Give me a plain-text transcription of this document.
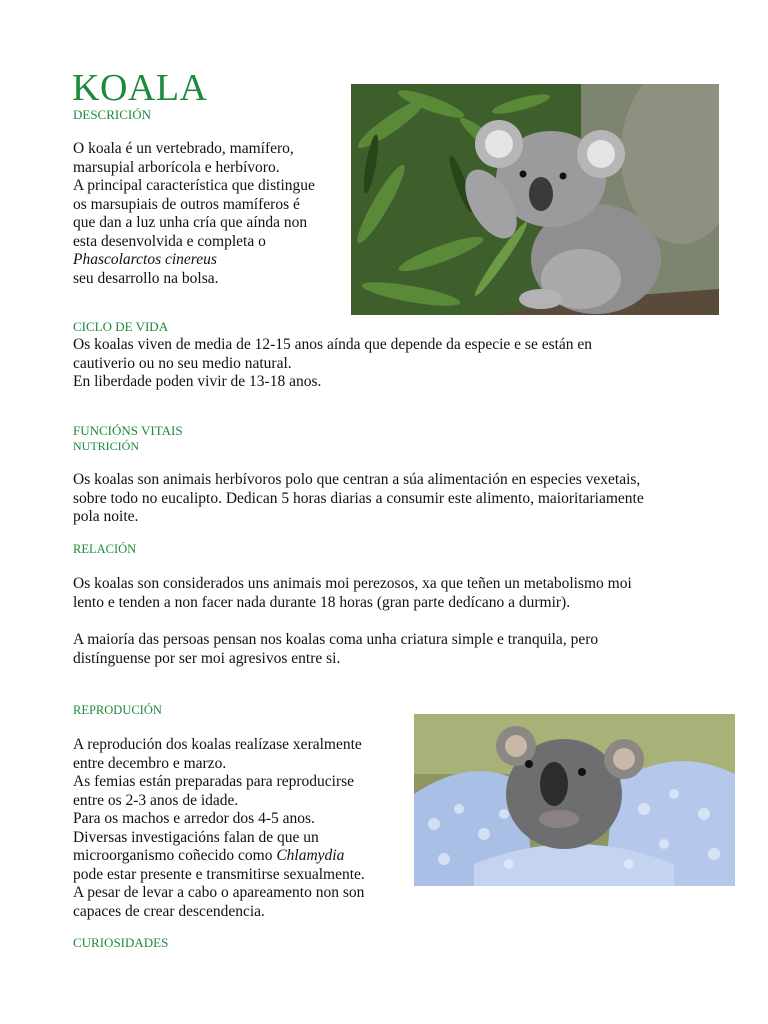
KOALA
DESCRICIÓN
O koala é un vertebrado, mamífero,
marsupial arborícola e herbívoro.
A principal característica que distingue
os marsupiais de outros mamíferos é
que dan a luz unha cría que aínda non
esta desenvolvida e completa o
Phascolarctos cinereus
seu desarrollo na bolsa.
CICLO DE VIDA
Os koalas viven de media de 12-15 anos aínda que depende da especie e se están en
cautiverio ou no seu medio natural.
En liberdade poden vivir de 13-18 anos.
FUNCIÓNS VITAIS
NUTRICIÓN
Os koalas son animais herbívoros polo que centran a súa alimentación en especies vexetais,
sobre todo no eucalipto. Dedican 5 horas diarias a consumir este alimento, maioritariamente
pola noite.
RELACIÓN
Os koalas son considerados uns animais moi perezosos, xa que teñen un metabolismo moi
lento e tenden a non facer nada durante 18 horas (gran parte dedícano a durmir).
A maioría das persoas pensan nos koalas coma unha criatura simple e tranquila, pero
distínguense por ser moi agresivos entre si.
REPRODUCIÓN
A reprodución dos koalas realízase xeralmente
entre decembro e marzo.
As femias están preparadas para reproducirse
entre os 2-3 anos de idade.
Para os machos e arredor dos 4-5 anos.
Diversas investigacións falan de que un
microorganismo coñecido como Chlamydia
pode estar presente e transmitirse sexualmente.
A pesar de levar a cabo o apareamento non son
capaces de crear descendencia.
CURIOSIDADES
